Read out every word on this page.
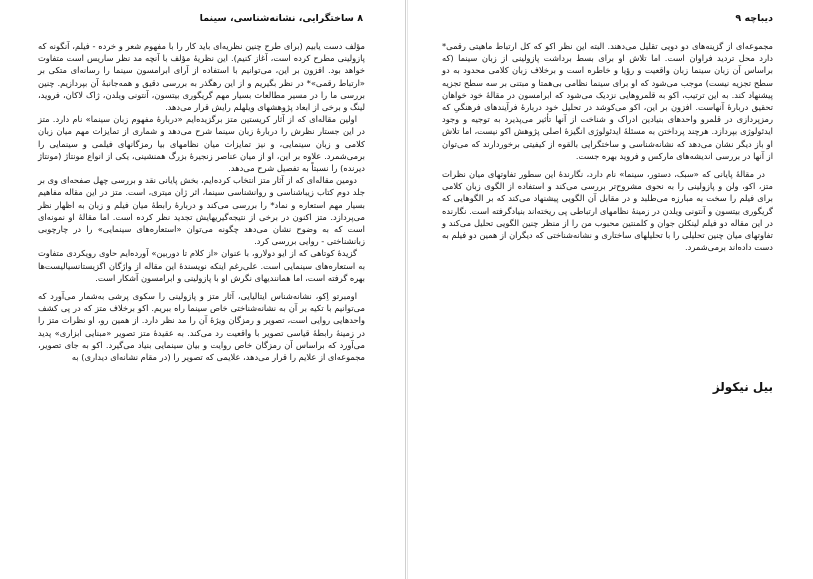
۸ ساختگرایی، نشانه‌شناسی، سینما

مؤلف دست یابیم (برای طرح چنین نظریه‌ای باید کار را با مفهوم شعر و خرده - فیلم، آنگونه که پازولینی مطرح کرده است، آغاز کنیم). این نظریهٔ مؤلف با آنچه مد نظر ساریس است متفاوت خواهد بود. افزون بر این، می‌توانیم با استفاده از آرای ابرامسون سینما را رسانه‌ای متکی بر «ارتباط رقمی»* در نظر بگیریم و از این رهگذر به بررسی دقیق و همه‌جانبهٔ آن بپردازیم. چنین بررسی ما را در مسیر مطالعات بسیار مهم گریگوری بیتسون، آنتونی ویلدن، ژاک لاکان، فروید، لینگ و برخی از ابعاد پژوهشهای ویلهلم رایش قرار می‌دهد.

اولین مقاله‌ای که از آثار کریستین متز برگزیده‌ایم «دربارهٔ مفهوم زبان سینما» نام دارد. متز در این جستار نظرش را دربارهٔ زبان سینما شرح می‌دهد و شماری از تمایزات مهم میان زبان کلامی و زبان سینمایی، و نیز تمایزات میان نظامهای بیا رمزگانهای فیلمی و سینمایی را برمی‌شمرد. علاوه بر این، او از میان عناصر زنجیرهٔ بزرگ همنشینی، یکی از انواع مونتاژ (مونتاژ دیرنده) را نسبتاً به تفصیل شرح می‌دهد.

دومین مقاله‌ای که از آثار متز انتخاب کرده‌ایم، بخش پایانی نقد و بررسی چهل صفحه‌ای وی بر جلد دوم کتاب زیباشناسی و روانشناسی سینما، اثر ژان میتری، است. متز در این مقاله مفاهیم بسیار مهم استعاره و نماد* را بررسی می‌کند و دربارهٔ رابطهٔ میان فیلم و زبان به اظهار نظر می‌پردازد. متز اکنون در برخی از نتیجه‌گیریهایش تجدید نظر کرده است. اما مقالهٔ او نمونه‌ای است که به وضوح نشان می‌دهد چگونه می‌توان «استعاره‌های سینمایی» را در چارچوبی زبانشناختی - روایی بررسی کرد.

گزیدهٔ کوتاهی که از ایو دولارو، با عنوان «از کلام تا دوربین» آورده‌ایم حاوی رویکردی متفاوت به استعاره‌های سینمایی است. علی‌رغم اینکه نویسندهٔ این مقاله از واژگان اگزیستانسیالیست‌ها بهره گرفته است، اما همانندیهای نگرش او با پازولینی و ابرامسون آشکار است.

اومبرتو اِکو، نشانه‌شناس ایتالیایی، آثار متز و پازولینی را سکوی پرشی به‌شمار می‌آورد که می‌توانیم با تکیه بر آن به نشانه‌شناختی خاص سینما راه ببریم. اکو برخلاف متز که در پی کشف واحدهایی روایی است، تصویر و رمزگان ویژهٔ آن را مد نظر دارد. از همین رو، او نظرات متز را در زمینهٔ رابطهٔ قیاسی تصویر با واقعیت رد می‌کند. به عقیدهٔ متز تصویر «مبنایی ابزاری» پدید می‌آورد که براساس آن رمزگان خاص روایت و بیان سینمایی بنیاد می‌گیرد. اکو به جای تصویر، مجموعه‌ای از علایم را قرار می‌دهد، علایمی که تصویر را (در مقام نشانه‌ای دیداری) به

دیباچه ۹

مجموعه‌ای از گزینه‌های دو دویی تقلیل می‌دهند. البته این نظر اکو که کل ارتباط ماهیتی رقمی* دارد محل تردید فراوان است. اما تلاش او برای بسط برداشت پازولینی از زبان سینما (که براساس آن زبان سینما زبان واقعیت و رؤیا و خاطره است و برخلاف زبان کلامی محدود به دو سطح تجزیه نیست) موجب می‌شود که او برای سینما نظامی بی‌همتا و مبتنی بر سه سطح تجزیه پیشنهاد کند. به این ترتیب، اکو به قلمروهایی نزدیک می‌شود که ابرامسون در مقالهٔ خود خواهان تحقیق دربارهٔ آنهاست. افزون بر این، اکو می‌کوشد در تحلیل خود دربارهٔ فرآیندهای فرهنگیِ که رمزپردازی در قلمرو واحدهای بنیادین ادراک و شناخت از آنها تأثیر می‌پذیرد به توجیه و وجود ایدئولوژی بپردازد. هرچند پرداختن به مسئلهٔ ایدئولوژی انگیزهٔ اصلی پژوهش اکو نیست، اما تلاش او باز دیگر نشان می‌دهد که نشانه‌شناسی و ساختگرایی بالقوه از کیفیتی برخوردارند که می‌توان از آنها در بررسی اندیشه‌های مارکس و فروید بهره جست.

در مقالهٔ پایانی که «سبک، دستور، سینما» نام دارد، نگارندهٔ این سطور تفاوتهای میان نظرات متز، اکو، ولن و پازولینی را به نحوی مشروح‌تر بررسی می‌کند و استفاده از الگوی زبان کلامی برای فیلم را سخت به مبارزه می‌طلبد و در مقابل آن الگویی پیشنهاد می‌کند که بر الگوهایی که گریگوری بیتسون و آنتونی ویلدن در زمینهٔ نظامهای ارتباطی پی ریخته‌اند بنیادگرفته است. نگارنده در این مقاله دو فیلم لینکلن جوان و کلمنتین محبوب من را از منظر چنین الگویی تحلیل می‌کند و تفاوتهای میان چنین تحلیلی را با تحلیلهای ساختاری و نشانه‌شناختی که دیگران از همین دو فیلم به دست داده‌اند برمی‌شمرد.

بیل نیکولز
